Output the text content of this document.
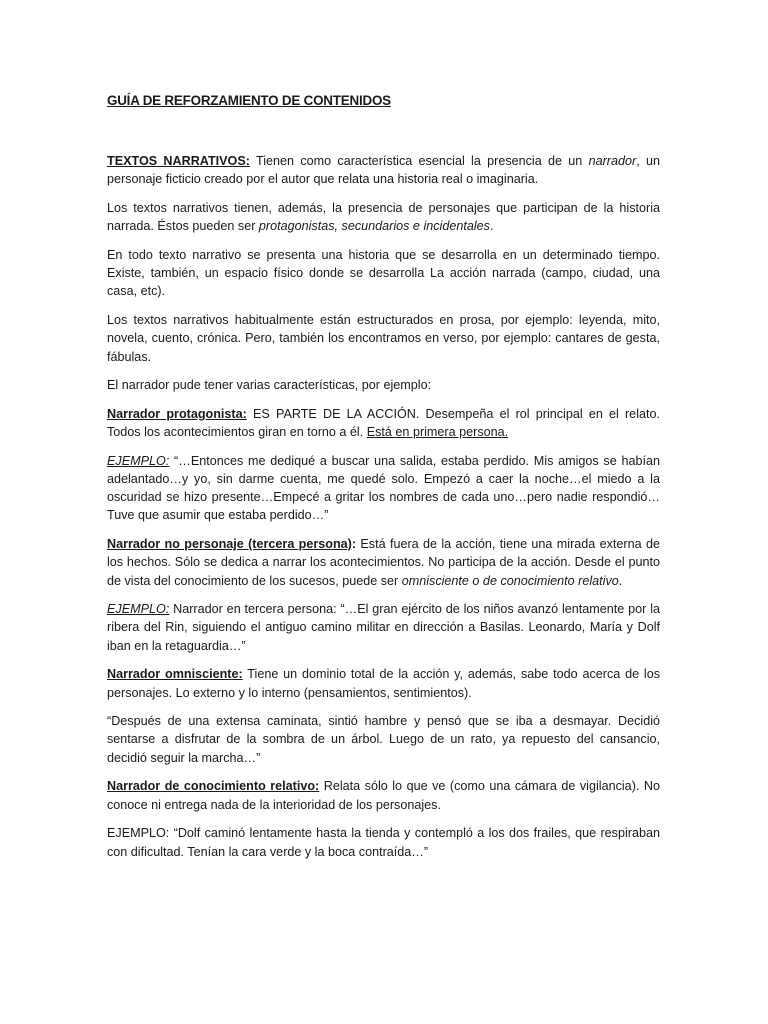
GUÍA DE REFORZAMIENTO DE CONTENIDOS

TEXTOS NARRATIVOS: Tienen como característica esencial la presencia de un narrador, un personaje ficticio creado por el autor que relata una historia real o imaginaria.

Los textos narrativos tienen, además, la presencia de personajes que participan de la historia narrada. Éstos pueden ser protagonistas, secundarios e incidentales.

En todo texto narrativo se presenta una historia que se desarrolla en un determinado tiempo. Existe, también, un espacio físico donde se desarrolla La acción narrada (campo, ciudad, una casa, etc).

Los textos narrativos habitualmente están estructurados en prosa, por ejemplo: leyenda, mito, novela, cuento, crónica. Pero, también los encontramos en verso, por ejemplo: cantares de gesta, fábulas.

El narrador pude tener varias características, por ejemplo:

Narrador protagonista: ES PARTE DE LA ACCIÓN. Desempeña el rol principal en el relato. Todos los acontecimientos giran en torno a él. Está en primera persona.

EJEMPLO: “…Entonces me dediqué a buscar una salida, estaba perdido. Mis amigos se habían adelantado…y yo, sin darme cuenta, me quedé solo. Empezó a caer la noche…el miedo a la oscuridad se hizo presente…Empecé a gritar los nombres de cada uno…pero nadie respondió…Tuve que asumir que estaba perdido…”

Narrador no personaje (tercera persona): Está fuera de la acción, tiene una mirada externa de los hechos. Sólo se dedica a narrar los acontecimientos. No participa de la acción. Desde el punto de vista del conocimiento de los sucesos, puede ser omnisciente o de conocimiento relativo.

EJEMPLO: Narrador en tercera persona: “…El gran ejército de los niños avanzó lentamente por la ribera del Rin, siguiendo el antiguo camino militar en dirección a Basilas. Leonardo, María y Dolf iban en la retaguardia…”

Narrador omnisciente: Tiene un dominio total de la acción y, además, sabe todo acerca de los personajes. Lo externo y lo interno (pensamientos, sentimientos).

“Después de una extensa caminata, sintió hambre y pensó que se iba a desmayar. Decidió sentarse a disfrutar de la sombra de un árbol. Luego de un rato, ya repuesto del cansancio, decidió seguir la marcha…”

Narrador de conocimiento relativo: Relata sólo lo que ve (como una cámara de vigilancia). No conoce ni entrega nada de la interioridad de los personajes.

EJEMPLO: “Dolf caminó lentamente hasta la tienda y contempló a los dos frailes, que respiraban con dificultad. Tenían la cara verde y la boca contraída…”
